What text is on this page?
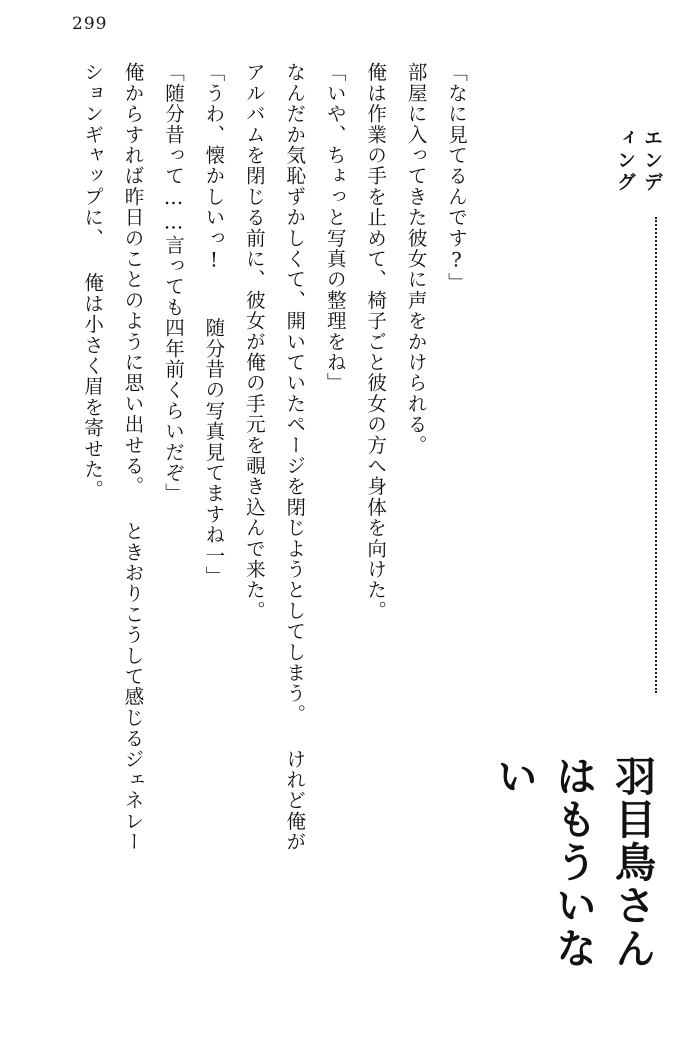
299
エンディング
羽目鳥さんはもういない
「なに見てるんです?」
部屋に入ってきた彼女に声をかけられる。
俺は作業の手を止めて、椅子ごと彼女の方へ身体を向けた。
「いや、ちょっと写真の整理をね」
なんだか気恥ずかしくて、開いていたページを閉じようとしてしまう。 けれど俺が
アルバムを閉じる前に、彼女が俺の手元を覗き込んで来た。
「うわ、懐かしいっ! 　随分昔の写真見てますね一」
「随分昔って……言っても四年前くらいだぞ」
俺からすれば昨日のことのように思い出せる。 ときおりこうして感じるジェネレー
ションギャップに、 俺は小さく眉を寄せた。
